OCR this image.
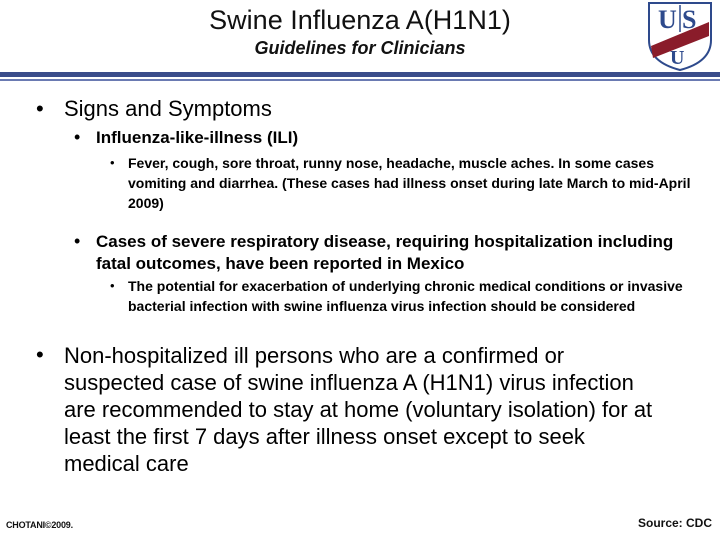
Swine Influenza A(H1N1)
Guidelines for Clinicians
U S
U
• Signs and Symptoms
• Influenza-like-illness (ILI)
• Fever, cough, sore throat, runny nose, headache, muscle aches. In some cases vomiting and diarrhea. (These cases had illness onset during late March to mid-April 2009)
• Cases of severe respiratory disease, requiring hospitalization including fatal outcomes, have been reported in Mexico
• The potential for exacerbation of underlying chronic medical conditions or invasive bacterial infection with swine influenza virus infection should be considered
• Non-hospitalized ill persons who are a confirmed or suspected case of swine influenza A (H1N1) virus infection are recommended to stay at home (voluntary isolation) for at least the first 7 days after illness onset except to seek medical care
CHOTANI©2009.	Source: CDC
